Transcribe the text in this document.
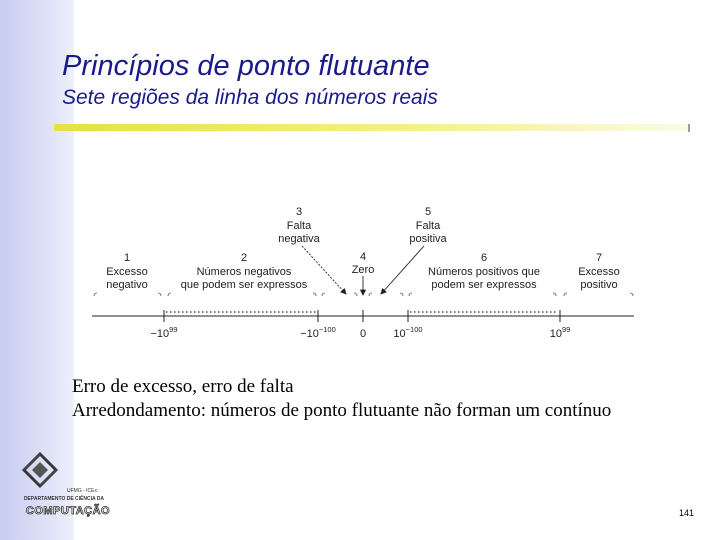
Princípios de ponto flutuante
Sete regiões da linha dos números reais
1
Excesso
negativo
2
Números negativos
que podem ser expressos
3
Falta
negativa
4
Zero
5
Falta
positiva
6
Números positivos que
podem ser expressos
7
Excesso
positivo
$-10^{99}$	$-10^{-100}$ 0 $10^{-100}$	$10^{99}$
Erro de excesso, erro de falta
Arredondamento: números de ponto flutuante não forman um contínuo
UFMG - ICEx
DEPARTAMENTO DE CIÊNCIA DA
COMPUTAÇÃO	141
